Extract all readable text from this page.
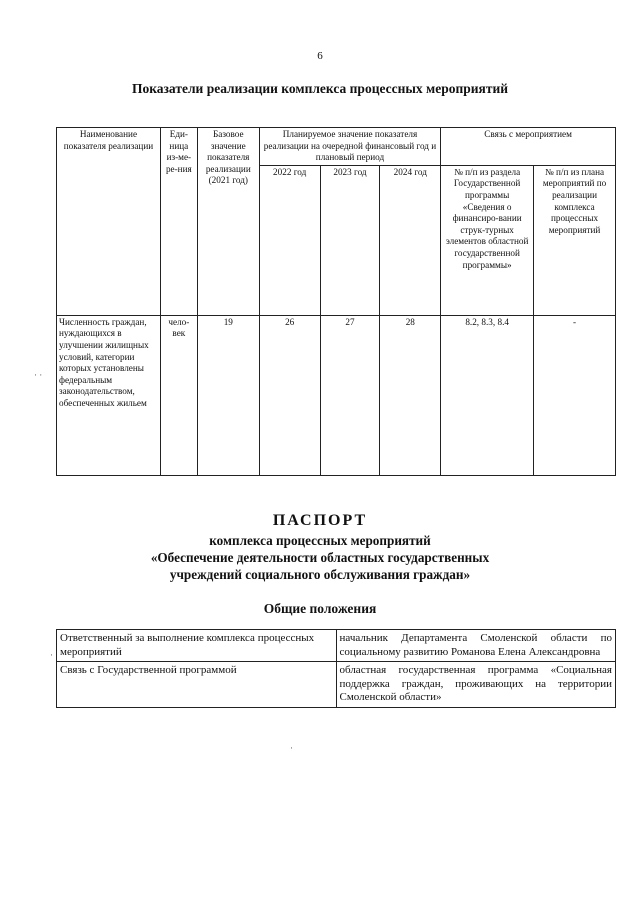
6
Показатели реализации комплекса процессных мероприятий
Наименование показателя реализации	Еди-ница из-ме-ре-ния	Базовое значение показателя реализации (2021 год)	Планируемое значение показателя реализации на очередной финансовый год и плановый период			Связь с мероприятием	
			2022 год	2023 год	2024 год	№ п/п из раздела Государственной программы «Сведения о финансиро-вании струк-турных элементов областной государственной программы»	№ п/п из плана мероприятий по реализации комплекса процессных мероприятий
Численность граждан, нуждающихся в улучшении жилищных условий, категории которых установлены федеральным законодательством, обеспеченных жильем	чело-век	19	26	27	28	8.2, 8.3, 8.4	-
ПАСПОРТ
комплекса процессных мероприятий
«Обеспечение деятельности областных государственных
учреждений социального обслуживания граждан»
Общие положения
Ответственный за выполнение комплекса процессных мероприятий	начальник Департамента Смоленской области по социальному развитию Романова Елена Александровна
Связь с Государственной программой	областная государственная программа «Социальная поддержка граждан, проживающих на территории Смоленской области»
· ·
·
·
